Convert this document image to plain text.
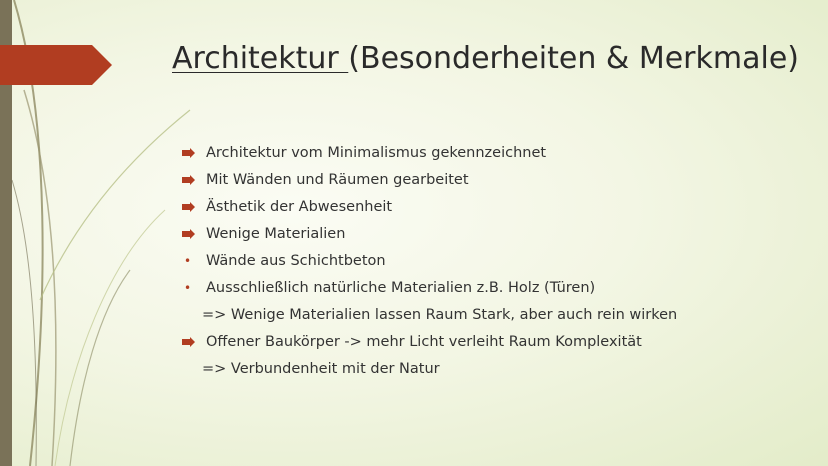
Architektur (Besonderheiten & Merkmale)
Architektur vom Minimalismus gekennzeichnet
Mit Wänden und Räumen gearbeitet
Ästhetik der Abwesenheit
Wenige Materialien
•	Wände aus Schichtbeton
•	Ausschließlich natürliche Materialien z.B. Holz (Türen)
=> Wenige Materialien lassen Raum Stark, aber auch rein wirken
Offener Baukörper -> mehr Licht verleiht Raum Komplexität
=> Verbundenheit mit der Natur
